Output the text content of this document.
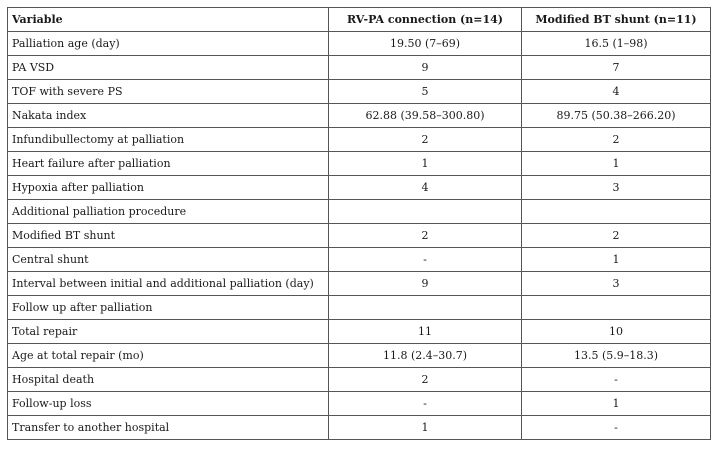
Variable	RV-PA connection (n=14)	Modified BT shunt (n=11)
Palliation age (day)	19.50 (7–69)	16.5 (1–98)
PA VSD	9	7
TOF with severe PS	5	4
Nakata index	62.88 (39.58–300.80)	89.75 (50.38–266.20)
Infundibullectomy at palliation	2	2
Heart failure after palliation	1	1
Hypoxia after palliation	4	3
Additional palliation procedure		
Modified BT shunt	2	2
Central shunt	-	1
Interval between initial and additional palliation (day)	9	3
Follow up after palliation		
Total repair	11	10
Age at total repair (mo)	11.8 (2.4–30.7)	13.5 (5.9–18.3)
Hospital death	2	-
Follow-up loss	-	1
Transfer to another hospital	1	-
